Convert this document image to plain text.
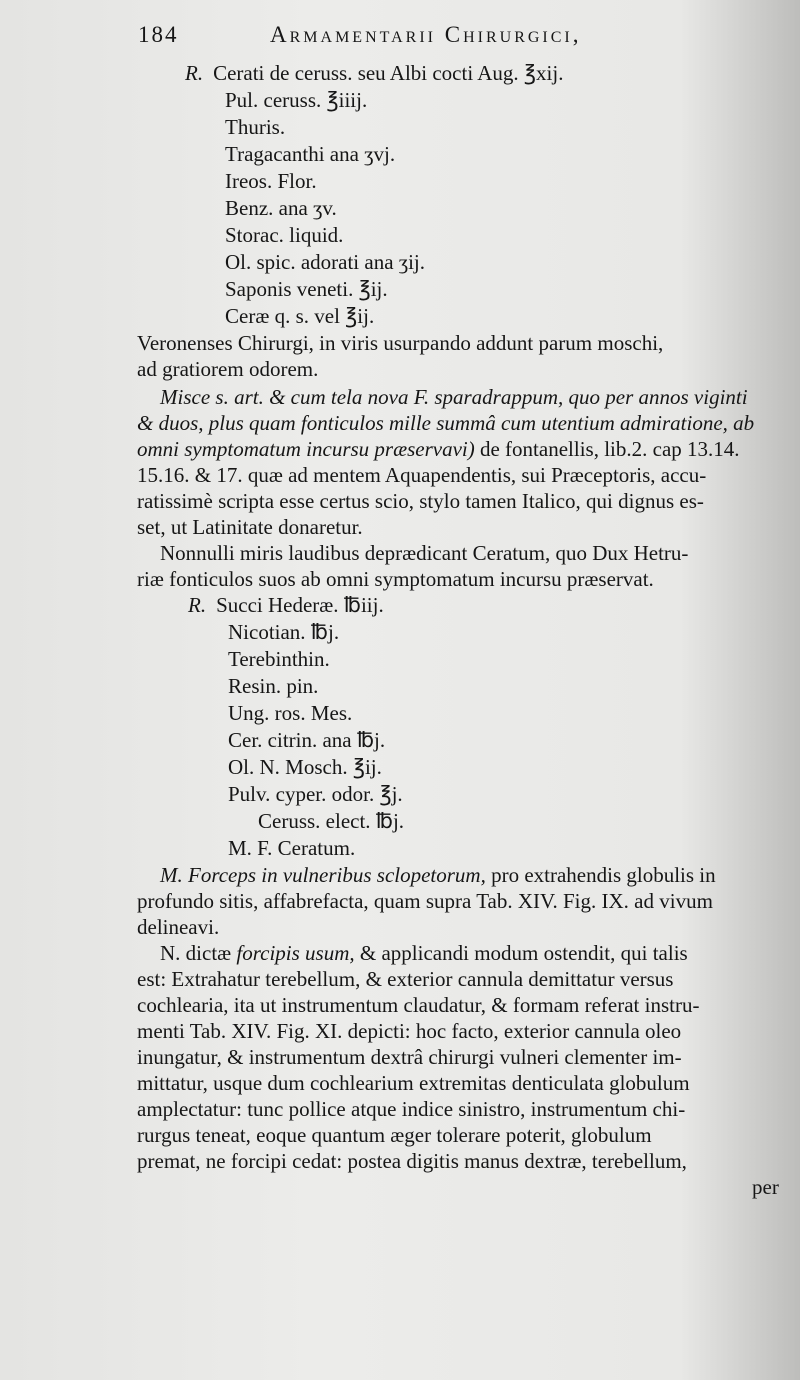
184	Armamentarii Chirurgici,
R. Cerati de ceruss. seu Albi cocti Aug. ℥xij.
Pul. ceruss. ℥iiij.
Thuris.
Tragacanthi ana ʒvj.
Ireos. Flor.
Benz. ana ʒv.
Storac. liquid.
Ol. spic. adorati ana ʒij.
Saponis veneti. ℥ij.
Ceræ q. s. vel ℥ij.
Veronenses Chirurgi, in viris usurpando addunt parum moschi,
ad gratiorem odorem.
Misce s. art. & cum tela nova F. sparadrappum, quo per annos viginti
& duos, plus quam fonticulos mille summâ cum utentium admiratione, ab
omni symptomatum incursu præservavi) de fontanellis, lib.2. cap 13.14.
15.16. & 17. quæ ad mentem Aquapendentis, sui Præceptoris, accu-
ratissimè scripta esse certus scio, stylo tamen Italico, qui dignus es-
set, ut Latinitate donaretur.
Nonnulli miris laudibus deprædicant Ceratum, quo Dux Hetru-
riæ fonticulos suos ab omni symptomatum incursu præservat.
R. Succi Hederæ. ℔iij.
Nicotian. ℔j.
Terebinthin.
Resin. pin.
Ung. ros. Mes.
Cer. citrin. ana ℔j.
Ol. N. Mosch. ℥ij.
Pulv. cyper. odor. ℥j.
Ceruss. elect. ℔j.
M. F. Ceratum.
M. Forceps in vulneribus sclopetorum, pro extrahendis globulis in
profundo sitis, affabrefacta, quam supra Tab. XIV. Fig. IX. ad vivum
delineavi.
N. dictæ forcipis usum, & applicandi modum ostendit, qui talis
est: Extrahatur terebellum, & exterior cannula demittatur versus
cochlearia, ita ut instrumentum claudatur, & formam referat instru-
menti Tab. XIV. Fig. XI. depicti: hoc facto, exterior cannula oleo
inungatur, & instrumentum dextrâ chirurgi vulneri clementer im-
mittatur, usque dum cochlearium extremitas denticulata globulum
amplectatur: tunc pollice atque indice sinistro, instrumentum chi-
rurgus teneat, eoque quantum æger tolerare poterit, globulum
premat, ne forcipi cedat: postea digitis manus dextræ, terebellum,
per
